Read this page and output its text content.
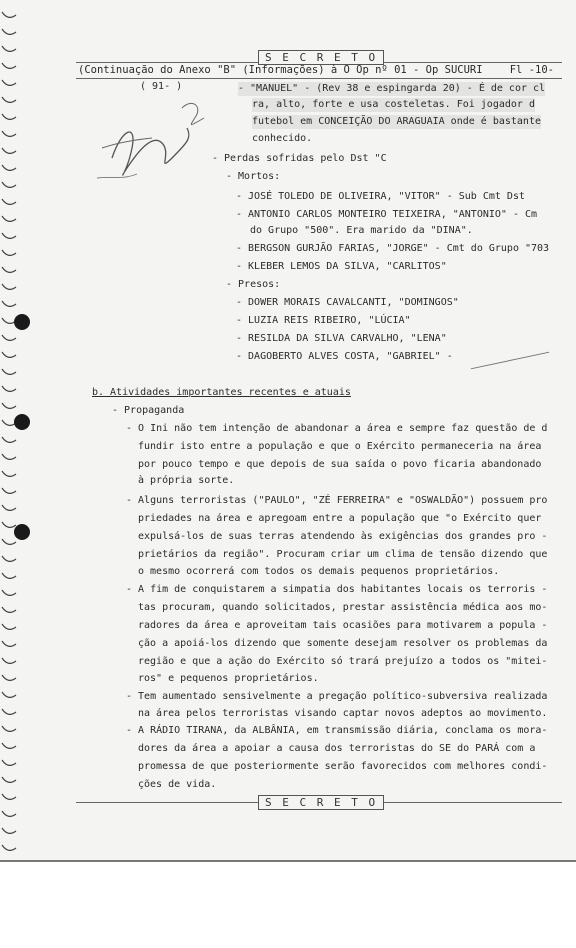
S E C R E T O
(Continuação do Anexo "B" (Informações) à O Op nº 01 - Op SUCURI	Fl -10-
( 91- )	- "MANUEL" - (Rev 38 e espingarda 20) - É de cor cl
ra, alto, forte e usa costeletas. Foi jogador d
futebol em CONCEIÇÃO DO ARAGUAIA onde é bastante
conhecido.
- Perdas sofridas pelo Dst "C
- Mortos:
- JOSÉ TOLEDO DE OLIVEIRA, "VITOR" - Sub Cmt Dst
- ANTONIO CARLOS MONTEIRO TEIXEIRA, "ANTONIO" - Cm
do Grupo "500". Era marido da "DINA".
- BERGSON GURJÃO FARIAS, "JORGE" - Cmt do Grupo "703
- KLEBER LEMOS DA SILVA, "CARLITOS"
- Presos:
- DOWER MORAIS CAVALCANTI, "DOMINGOS"
- LUZIA REIS RIBEIRO, "LÚCIA"
- RESILDA DA SILVA CARVALHO, "LENA"
- DAGOBERTO ALVES COSTA, "GABRIEL" -
b. Atividades importantes recentes e atuais
- Propaganda
- O Ini não tem intenção de abandonar a área e sempre faz questão de d
fundir isto entre a população e que o Exército permaneceria na área
por pouco tempo e que depois de sua saída o povo ficaria abandonado
à própria sorte.
- Alguns terroristas ("PAULO", "ZÉ FERREIRA" e "OSWALDÃO") possuem pro
priedades na área e apregoam entre a população que "o Exército quer
expulsá-los de suas terras atendendo às exigências dos grandes pro -
prietários da região". Procuram criar um clima de tensão dizendo que
o mesmo ocorrerá com todos os demais pequenos proprietários.
- A fim de conquistarem a simpatia dos habitantes locais os terroris -
tas procuram, quando solicitados, prestar assistência médica aos mo-
radores da área e aproveitam tais ocasiões para motivarem a popula -
ção a apoiá-los dizendo que somente desejam resolver os problemas da
região e que a ação do Exército só trará prejuízo a todos os "mitei-
ros" e pequenos proprietários.
- Tem aumentado sensivelmente a pregação político-subversiva realizada
na área pelos terroristas visando captar novos adeptos ao movimento.
- A RÁDIO TIRANA, da ALBÂNIA, em transmissão diária, conclama os mora-
dores da área a apoiar a causa dos terroristas do SE do PARÁ com a
promessa de que posteriormente serão favorecidos com melhores condi-
ções de vida.
S E C R E T O
